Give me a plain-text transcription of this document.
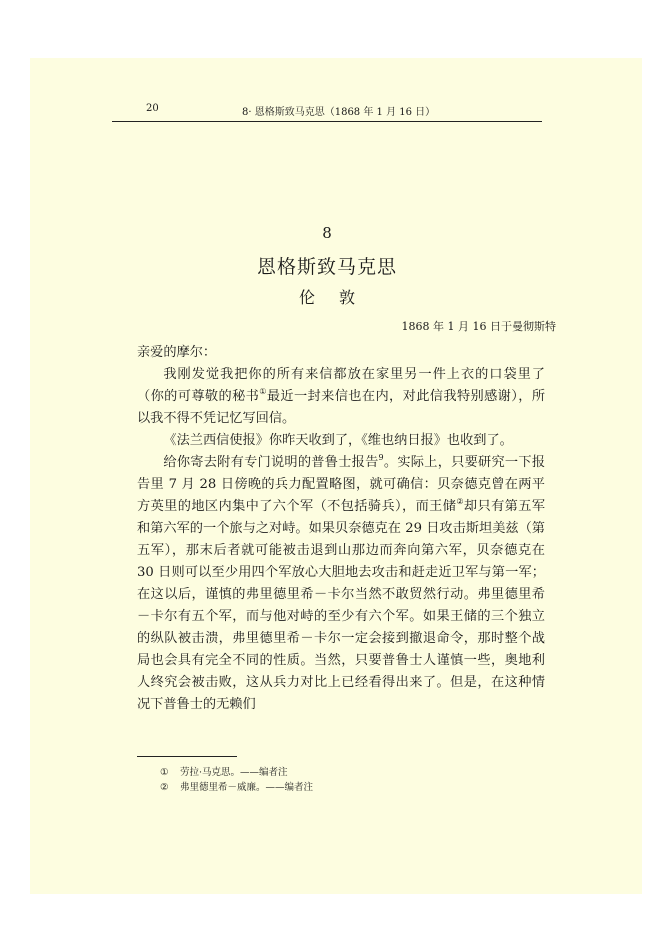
20	8· 恩格斯致马克思（1868 年 1 月 16 日）
8
恩格斯致马克思
伦 敦
1868 年 1 月 16 日于曼彻斯特

亲爱的摩尔：

我刚发觉我把你的所有来信都放在家里另一件上衣的口袋里了（你的可尊敬的秘书①最近一封来信也在内，对此信我特别感谢），所以我不得不凭记忆写回信。

《法兰西信使报》你昨天收到了，《维也纳日报》也收到了。

给你寄去附有专门说明的普鲁士报告$^9$。实际上，只要研究一下报告里 7 月 28 日傍晚的兵力配置略图，就可确信：贝奈德克曾在两平方英里的地区内集中了六个军（不包括骑兵），而王储②却只有第五军和第六军的一个旅与之对峙。如果贝奈德克在 29 日攻击斯坦美兹（第五军），那末后者就可能被击退到山那边而奔向第六军，贝奈德克在 30 日则可以至少用四个军放心大胆地去攻击和赶走近卫军与第一军；在这以后，谨慎的弗里德里希－卡尔当然不敢贸然行动。弗里德里希－卡尔有五个军，而与他对峙的至少有六个军。如果王储的三个独立的纵队被击溃，弗里德里希－卡尔一定会接到撤退命令，那时整个战局也会具有完全不同的性质。当然，只要普鲁士人谨慎一些，奥地利人终究会被击败，这从兵力对比上已经看得出来了。但是，在这种情况下普鲁士的无赖们

① 劳拉·马克思。——编者注
② 弗里德里希－威廉。——编者注
